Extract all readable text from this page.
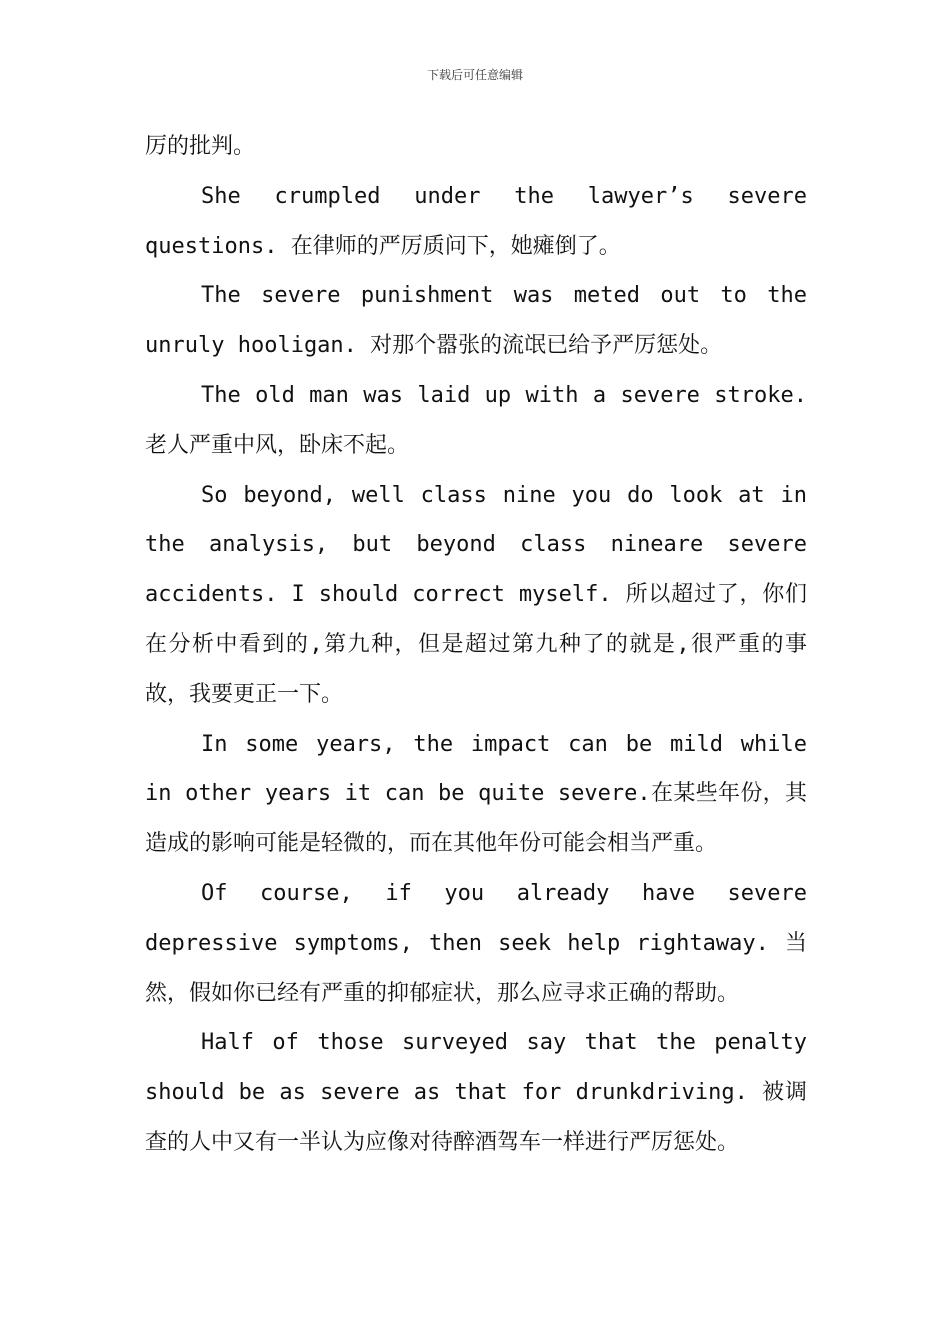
下载后可任意编辑

厉的批判。

She crumpled under the lawyer’s severe questions. 在律师的严厉质问下，她瘫倒了。

The severe punishment was meted out to the unruly hooligan. 对那个嚣张的流氓已给予严厉惩处。

The old man was laid up with a severe stroke. 老人严重中风，卧床不起。

So beyond, well class nine you do look at in the analysis, but beyond class nineare severe accidents. I should correct myself. 所以超过了，你们在分析中看到的,第九种，但是超过第九种了的就是,很严重的事故，我要更正一下。

In some years, the impact can be mild while in other years it can be quite severe.在某些年份，其造成的影响可能是轻微的，而在其他年份可能会相当严重。

Of course, if you already have severe depressive symptoms, then seek help rightaway. 当然，假如你已经有严重的抑郁症状，那么应寻求正确的帮助。

Half of those surveyed say that the penalty should be as severe as that for drunkdriving. 被调查的人中又有一半认为应像对待醉酒驾车一样进行严厉惩处。
